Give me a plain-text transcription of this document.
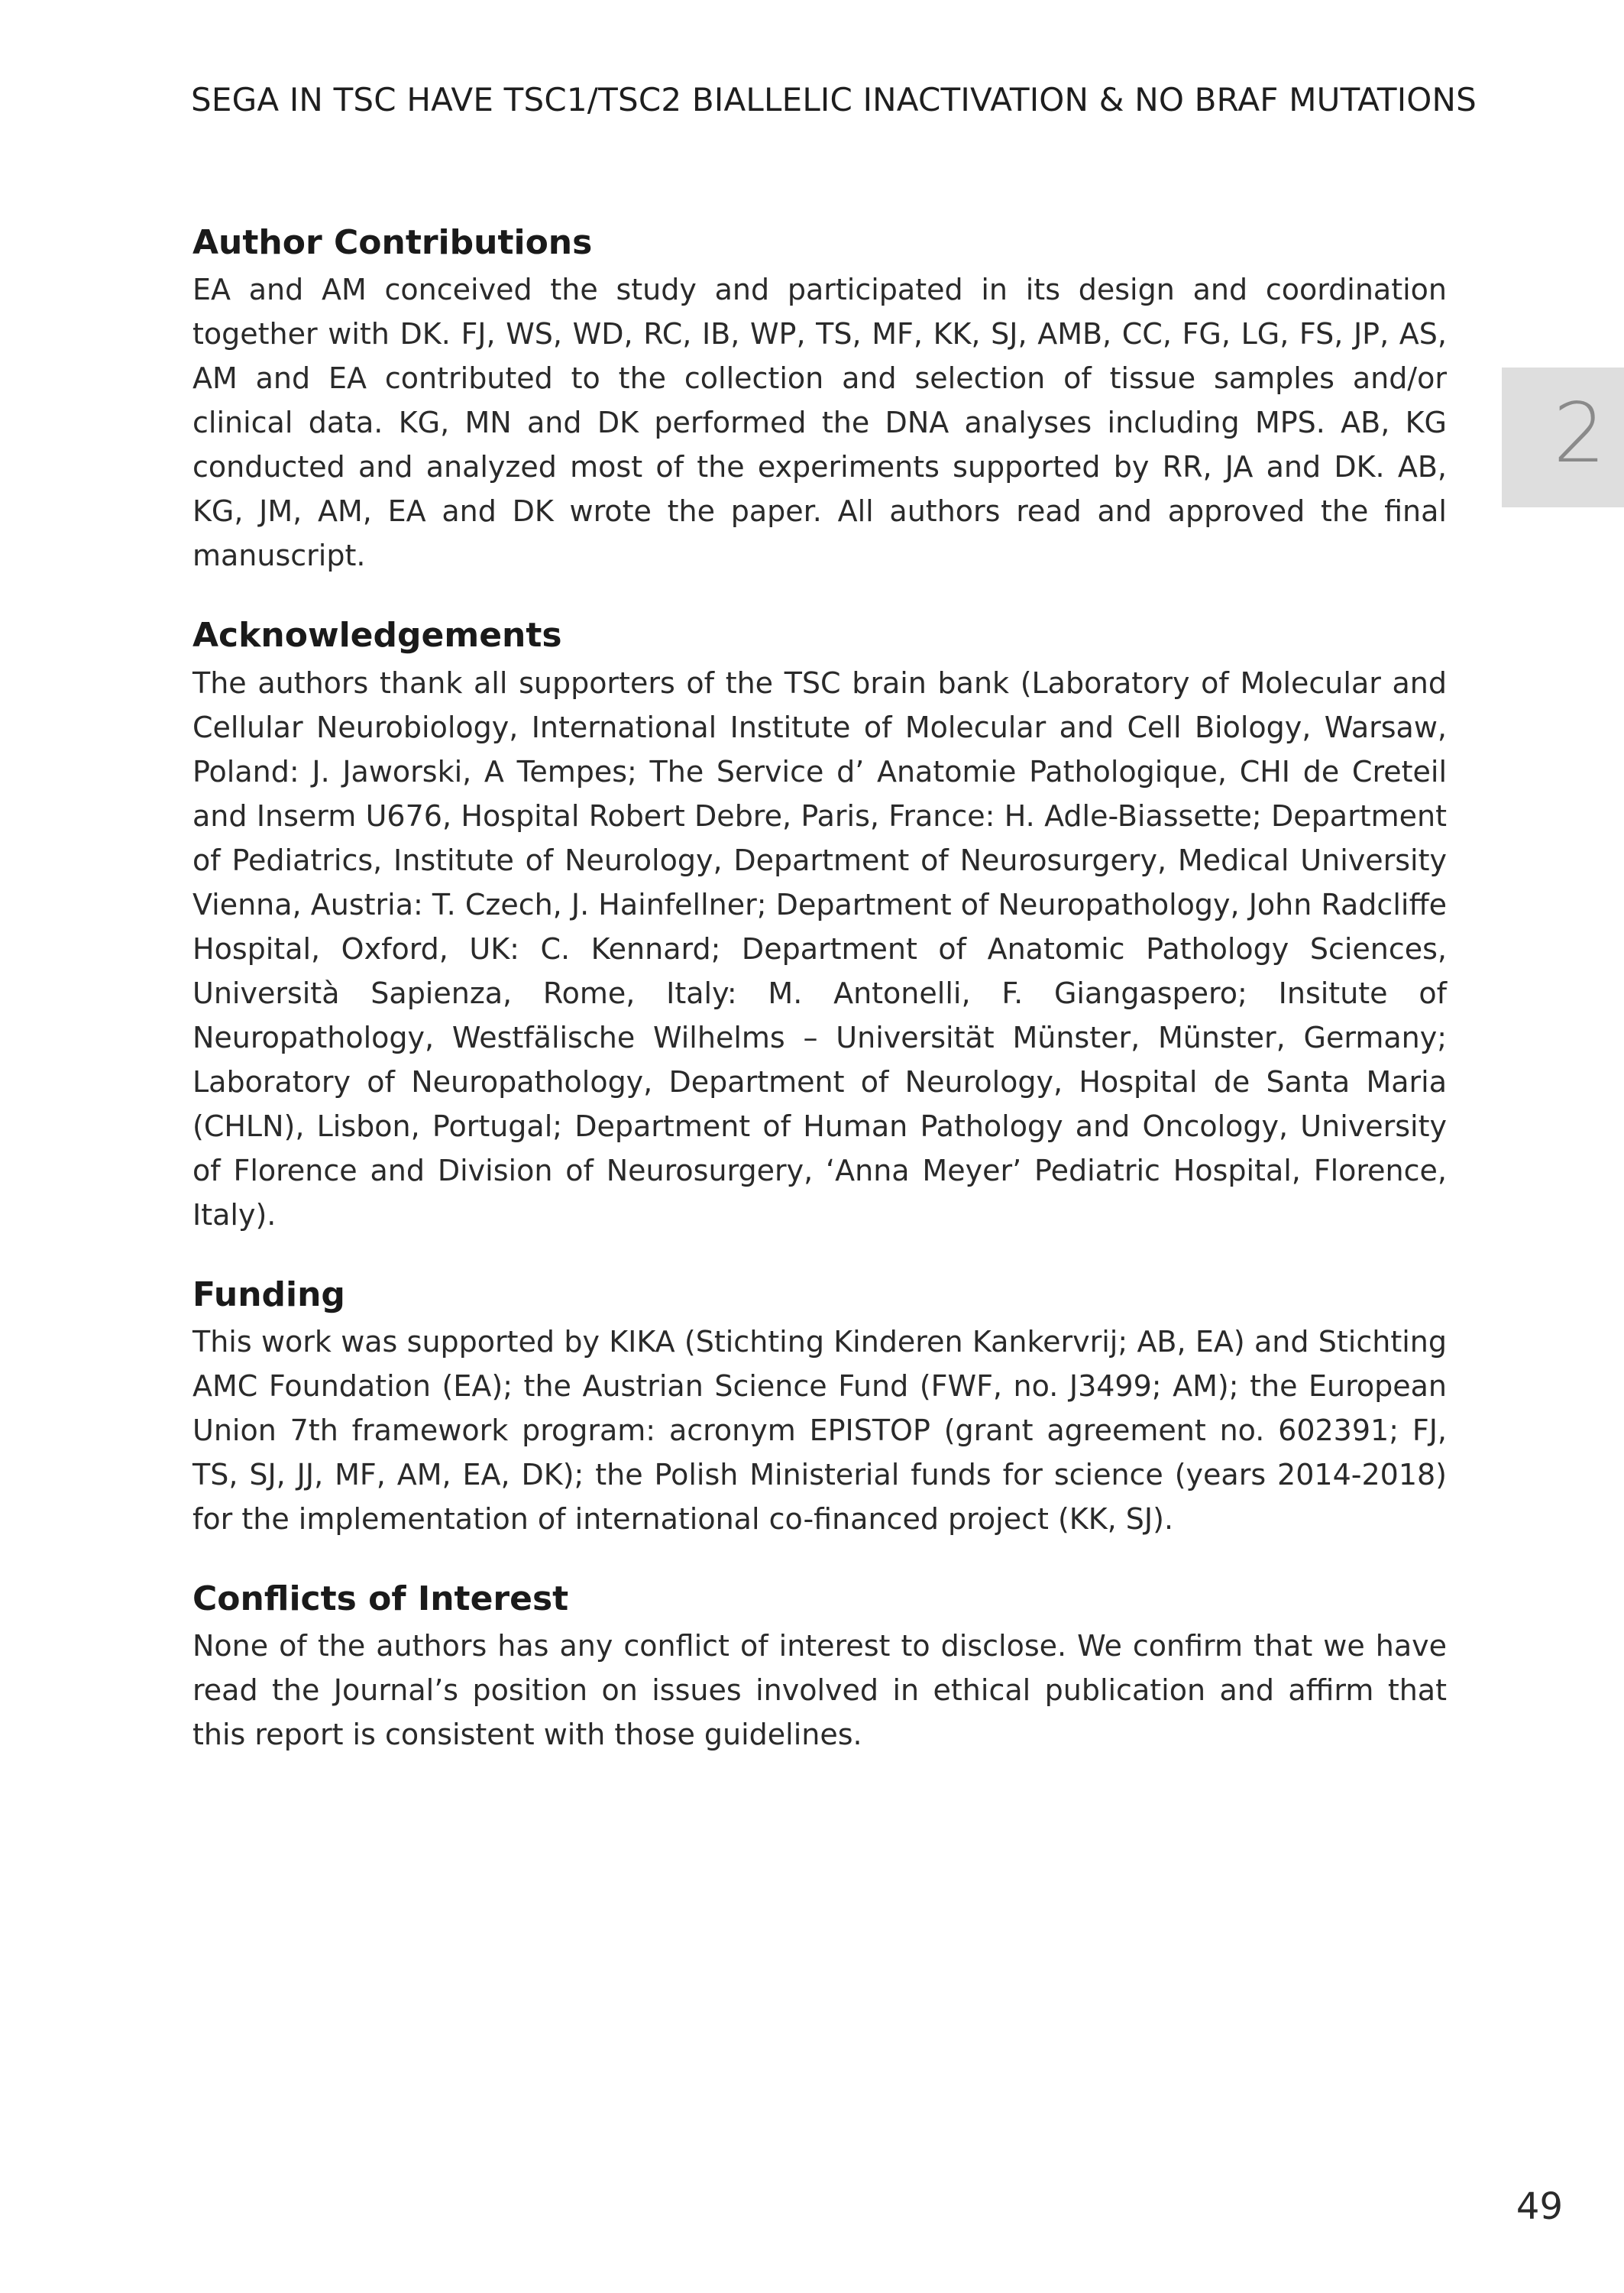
SEGA IN TSC HAVE TSC1/TSC2 BIALLELIC INACTIVATION & NO BRAF MUTATIONS
2
Author Contributions

EA and AM conceived the study and participated in its design and coordination together with DK. FJ, WS, WD, RC, IB, WP, TS, MF, KK, SJ, AMB, CC, FG, LG, FS, JP, AS, AM and EA contributed to the collection and selection of tissue samples and/or clinical data. KG, MN and DK performed the DNA analyses including MPS. AB, KG conducted and analyzed most of the experiments supported by RR, JA and DK. AB, KG, JM, AM, EA and DK wrote the paper. All authors read and approved the final manuscript.

Acknowledgements

The authors thank all supporters of the TSC brain bank (Laboratory of Molecular and Cellular Neurobiology, International Institute of Molecular and Cell Biology, Warsaw, Poland: J. Jaworski, A Tempes; The Service d’ Anatomie Pathologique, CHI de Creteil and Inserm U676, Hospital Robert Debre, Paris, France: H. Adle-Biassette; Department of Pediatrics, Institute of Neurology, Department of Neurosurgery, Medical University Vienna, Austria: T. Czech, J. Hainfellner; Department of Neuropathology, John Radcliffe Hospital, Oxford, UK: C. Kennard; Department of Anatomic Pathology Sciences, Università Sapienza, Rome, Italy: M. Antonelli, F. Giangaspero; Insitute of Neuropathology, Westfälische Wilhelms – Universität Münster, Münster, Germany; Laboratory of Neuropathology, Department of Neurology, Hospital de Santa Maria (CHLN), Lisbon, Portugal; Department of Human Pathology and Oncology, University of Florence and Division of Neurosurgery, ‘Anna Meyer’ Pediatric Hospital, Florence, Italy).

Funding

This work was supported by KIKA (Stichting Kinderen Kankervrij; AB, EA) and Stichting AMC Foundation (EA); the Austrian Science Fund (FWF, no. J3499; AM); the European Union 7th framework program: acronym EPISTOP (grant agreement no. 602391; FJ, TS, SJ, JJ, MF, AM, EA, DK); the Polish Ministerial funds for science (years 2014-2018) for the implementation of international co-financed project (KK, SJ).

Conflicts of Interest

None of the authors has any conflict of interest to disclose. We confirm that we have read the Journal’s position on issues involved in ethical publication and affirm that this report is consistent with those guidelines.

49
